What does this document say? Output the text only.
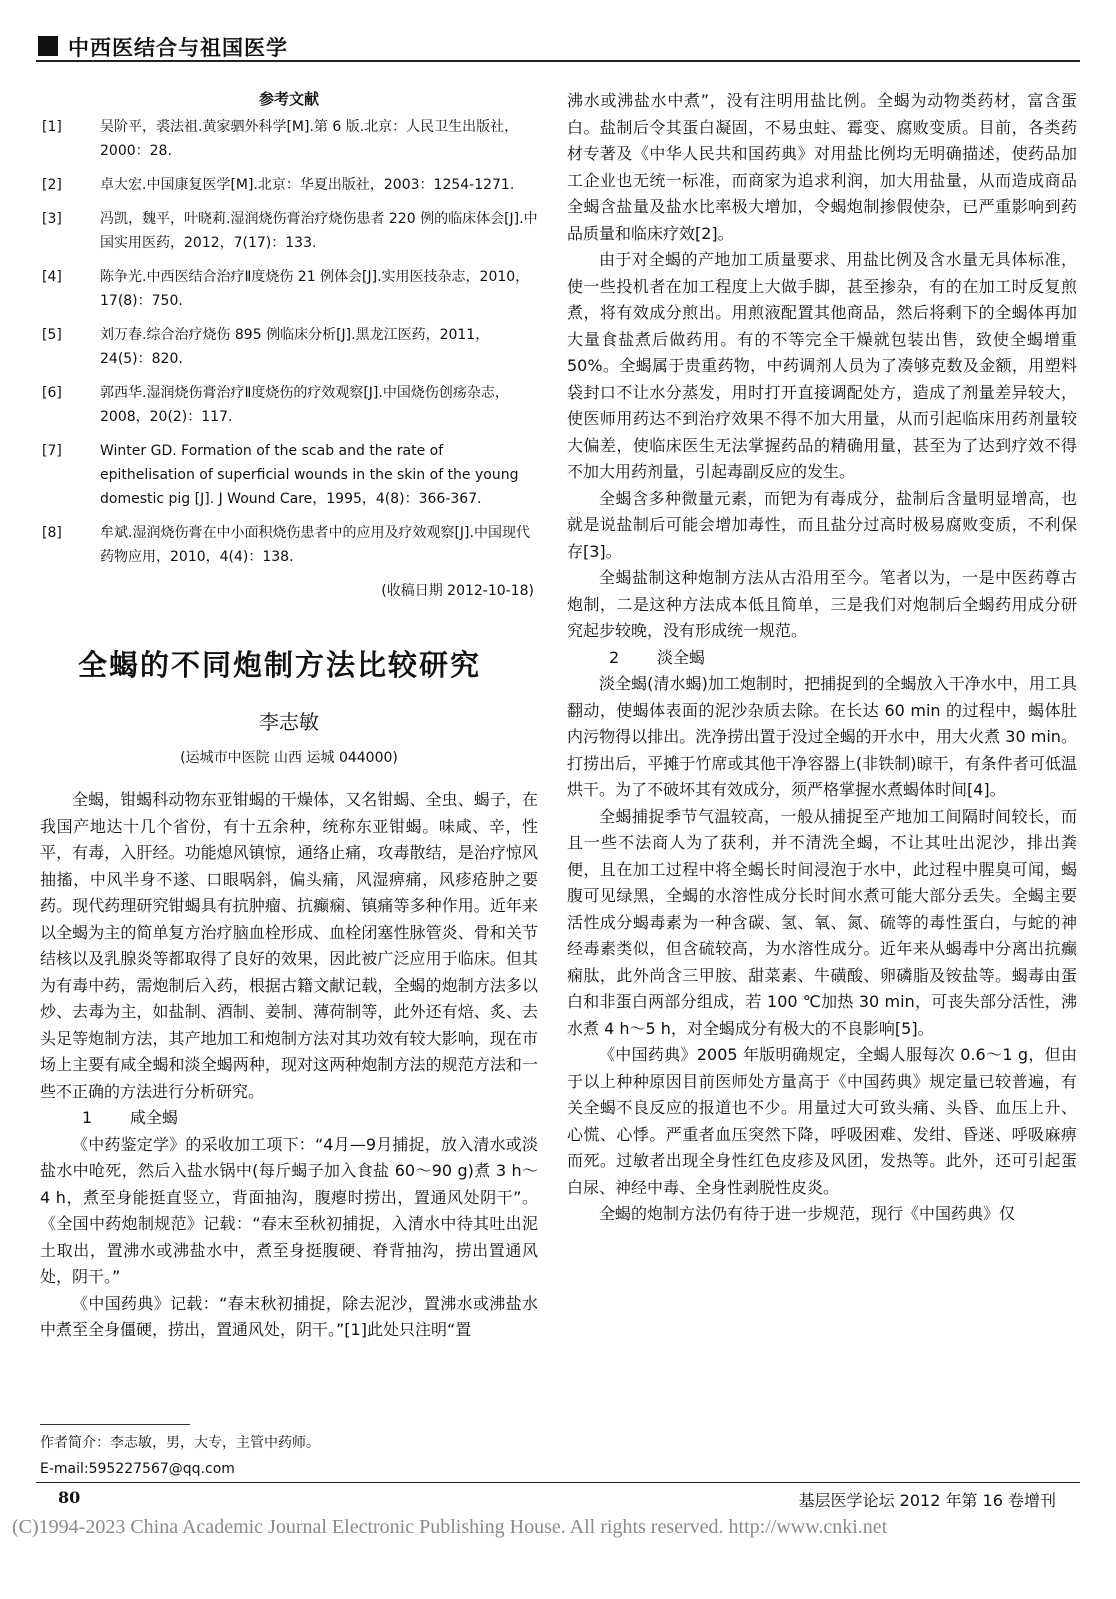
中西医结合与祖国医学
参考文献
[1]	吴阶平，裘法祖.黄家驷外科学[M].第 6 版.北京：人民卫生出版社，2000：28.
[2]	卓大宏.中国康复医学[M].北京：华夏出版社，2003：1254-1271.
[3]	冯凯，魏平，叶晓莉.湿润烧伤膏治疗烧伤患者 220 例的临床体会[J].中国实用医药，2012，7(17)：133.
[4]	陈争光.中西医结合治疗Ⅱ度烧伤 21 例体会[J].实用医技杂志，2010，17(8)：750.
[5]	刘万春.综合治疗烧伤 895 例临床分析[J].黑龙江医药，2011，24(5)：820.
[6]	郭西华.湿润烧伤膏治疗Ⅱ度烧伤的疗效观察[J].中国烧伤创疡杂志，2008，20(2)：117.
[7]	Winter GD. Formation of the scab and the rate of epithelisation of superficial wounds in the skin of the young domestic pig [J]. J Wound Care，1995，4(8)：366-367.
[8]	牟斌.湿润烧伤膏在中小面积烧伤患者中的应用及疗效观察[J].中国现代药物应用，2010，4(4)：138.
(收稿日期 2012-10-18)
全蝎的不同炮制方法比较研究
李志敏
(运城市中医院 山西 运城 044000)

全蝎，钳蝎科动物东亚钳蝎的干燥体，又名钳蝎、全虫、蝎子，在我国产地达十几个省份，有十五余种，统称东亚钳蝎。味咸、辛，性平，有毒，入肝经。功能熄风镇惊，通络止痛，攻毒散结，是治疗惊风抽搐，中风半身不遂、口眼㖞斜，偏头痛，风湿痹痛，风疹疮肿之要药。现代药理研究钳蝎具有抗肿瘤、抗癫痫、镇痛等多种作用。近年来以全蝎为主的简单复方治疗脑血栓形成、血栓闭塞性脉管炎、骨和关节结核以及乳腺炎等都取得了良好的效果，因此被广泛应用于临床。但其为有毒中药，需炮制后入药，根据古籍文献记载，全蝎的炮制方法多以炒、去毒为主，如盐制、酒制、姜制、薄荷制等，此外还有焙、炙、去头足等炮制方法，其产地加工和炮制方法对其功效有较大影响，现在市场上主要有咸全蝎和淡全蝎两种，现对这两种炮制方法的规范方法和一些不正确的方法进行分析研究。

1 咸全蝎

《中药鉴定学》的采收加工项下：“4月—9月捕捉，放入清水或淡盐水中呛死，然后入盐水锅中(每斤蝎子加入食盐 60～90 g)煮 3 h～4 h，煮至身能挺直竖立，背面抽沟，腹瘪时捞出，置通风处阴干”。《全国中药炮制规范》记载：“春末至秋初捕捉，入清水中待其吐出泥土取出，置沸水或沸盐水中，煮至身挺腹硬、脊背抽沟，捞出置通风处，阴干。”

《中国药典》记载：“春末秋初捕捉，除去泥沙，置沸水或沸盐水中煮至全身僵硬，捞出，置通风处，阴干。”[1]此处只注明“置

沸水或沸盐水中煮”，没有注明用盐比例。全蝎为动物类药材，富含蛋白。盐制后令其蛋白凝固，不易虫蛀、霉变、腐败变质。目前，各类药材专著及《中华人民共和国药典》对用盐比例均无明确描述，使药品加工企业也无统一标准，而商家为追求利润，加大用盐量，从而造成商品全蝎含盐量及盐水比率极大增加，令蝎炮制掺假使杂，已严重影响到药品质量和临床疗效[2]。

由于对全蝎的产地加工质量要求、用盐比例及含水量无具体标准，使一些投机者在加工程度上大做手脚，甚至掺杂，有的在加工时反复煎煮，将有效成分煎出。用煎液配置其他商品，然后将剩下的全蝎体再加大量食盐煮后做药用。有的不等完全干燥就包装出售，致使全蝎增重 50%。全蝎属于贵重药物，中药调剂人员为了凑够克数及金额，用塑料袋封口不让水分蒸发，用时打开直接调配处方，造成了剂量差异较大，使医师用药达不到治疗效果不得不加大用量，从而引起临床用药剂量较大偏差，使临床医生无法掌握药品的精确用量，甚至为了达到疗效不得不加大用药剂量，引起毒副反应的发生。

全蝎含多种微量元素，而钯为有毒成分，盐制后含量明显增高，也就是说盐制后可能会增加毒性，而且盐分过高时极易腐败变质，不利保存[3]。

全蝎盐制这种炮制方法从古沿用至今。笔者以为，一是中医药尊古炮制，二是这种方法成本低且简单，三是我们对炮制后全蝎药用成分研究起步较晚，没有形成统一规范。

2 淡全蝎

淡全蝎(清水蝎)加工炮制时，把捕捉到的全蝎放入干净水中，用工具翻动，使蝎体表面的泥沙杂质去除。在长达 60 min 的过程中，蝎体肚内污物得以排出。洗净捞出置于没过全蝎的开水中，用大火煮 30 min。打捞出后，平摊于竹席或其他干净容器上(非铁制)晾干，有条件者可低温烘干。为了不破坏其有效成分，须严格掌握水煮蝎体时间[4]。

全蝎捕捉季节气温较高，一般从捕捉至产地加工间隔时间较长，而且一些不法商人为了获利，并不清洗全蝎，不让其吐出泥沙，排出粪便，且在加工过程中将全蝎长时间浸泡于水中，此过程中腥臭可闻，蝎腹可见绿黑，全蝎的水溶性成分长时间水煮可能大部分丢失。全蝎主要活性成分蝎毒素为一种含碳、氢、氧、氮、硫等的毒性蛋白，与蛇的神经毒素类似，但含硫较高，为水溶性成分。近年来从蝎毒中分离出抗癫痫肽，此外尚含三甲胺、甜菜素、牛磺酸、卵磷脂及铵盐等。蝎毒由蛋白和非蛋白两部分组成，若 100 ℃加热 30 min，可丧失部分活性，沸水煮 4 h～5 h，对全蝎成分有极大的不良影响[5]。

《中国药典》2005 年版明确规定，全蝎人服每次 0.6～1 g，但由于以上种种原因目前医师处方量高于《中国药典》规定量已较普遍，有关全蝎不良反应的报道也不少。用量过大可致头痛、头昏、血压上升、心慌、心悸。严重者血压突然下降，呼吸困难、发绀、昏迷、呼吸麻痹而死。过敏者出现全身性红色皮疹及风团，发热等。此外，还可引起蛋白尿、神经中毒、全身性剥脱性皮炎。

全蝎的炮制方法仍有待于进一步规范，现行《中国药典》仅

作者简介：李志敏，男，大专，主管中药师。
E-mail:595227567@qq.com
80	基层医学论坛 2012 年第 16 卷增刊
(C)1994-2023 China Academic Journal Electronic Publishing House. All rights reserved. http://www.cnki.net
